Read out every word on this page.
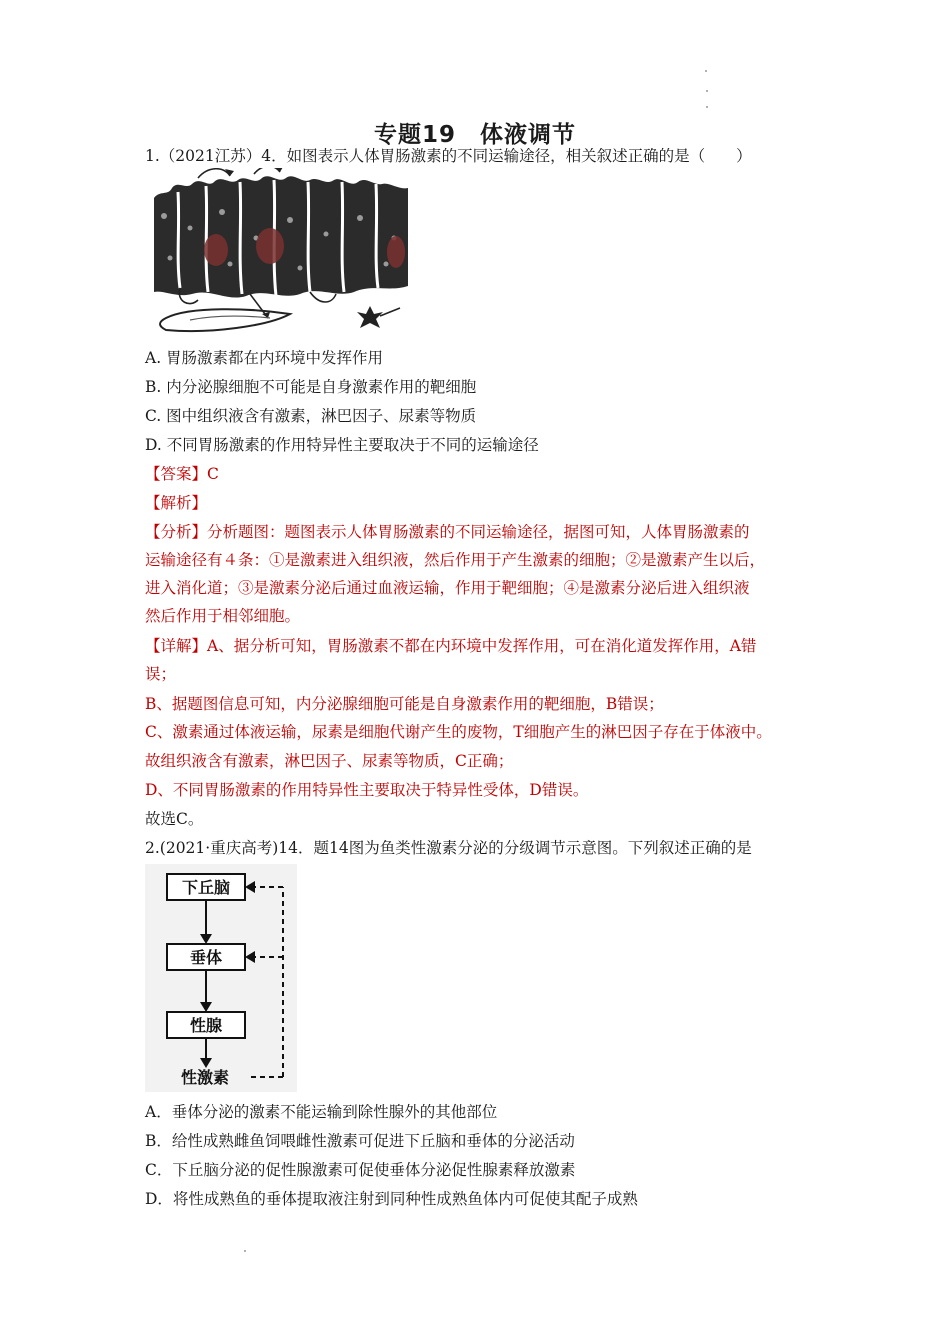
专题19　体液调节
1.（2021江苏）4．如图表示人体胃肠激素的不同运输途径，相关叙述正确的是（　　）
A. 胃肠激素都在内环境中发挥作用
B. 内分泌腺细胞不可能是自身激素作用的靶细胞
C. 图中组织液含有激素，淋巴因子、尿素等物质
D. 不同胃肠激素的作用特异性主要取决于不同的运输途径
【答案】C
【解析】
【分析】分析题图：题图表示人体胃肠激素的不同运输途径，据图可知，人体胃肠激素的
运输途径有４条：①是激素进入组织液，然后作用于产生激素的细胞；②是激素产生以后，
进入消化道；③是激素分泌后通过血液运输，作用于靶细胞；④是激素分泌后进入组织液
然后作用于相邻细胞。
【详解】A、据分析可知，胃肠激素不都在内环境中发挥作用，可在消化道发挥作用，A错
误；
B、据题图信息可知，内分泌腺细胞可能是自身激素作用的靶细胞，B错误；
C、激素通过体液运输，尿素是细胞代谢产生的废物，T细胞产生的淋巴因子存在于体液中。
故组织液含有激素，淋巴因子、尿素等物质，C正确；
D、不同胃肠激素的作用特异性主要取决于特异性受体，D错误。
故选C。
2.(2021·重庆高考)14．题14图为鱼类性激素分泌的分级调节示意图。下列叙述正确的是
下丘脑
垂体
性腺
性激素
A．垂体分泌的激素不能运输到除性腺外的其他部位
B．给性成熟雌鱼饲喂雌性激素可促进下丘脑和垂体的分泌活动
C．下丘脑分泌的促性腺激素可促使垂体分泌促性腺素释放激素
D．将性成熟鱼的垂体提取液注射到同种性成熟鱼体内可促使其配子成熟
